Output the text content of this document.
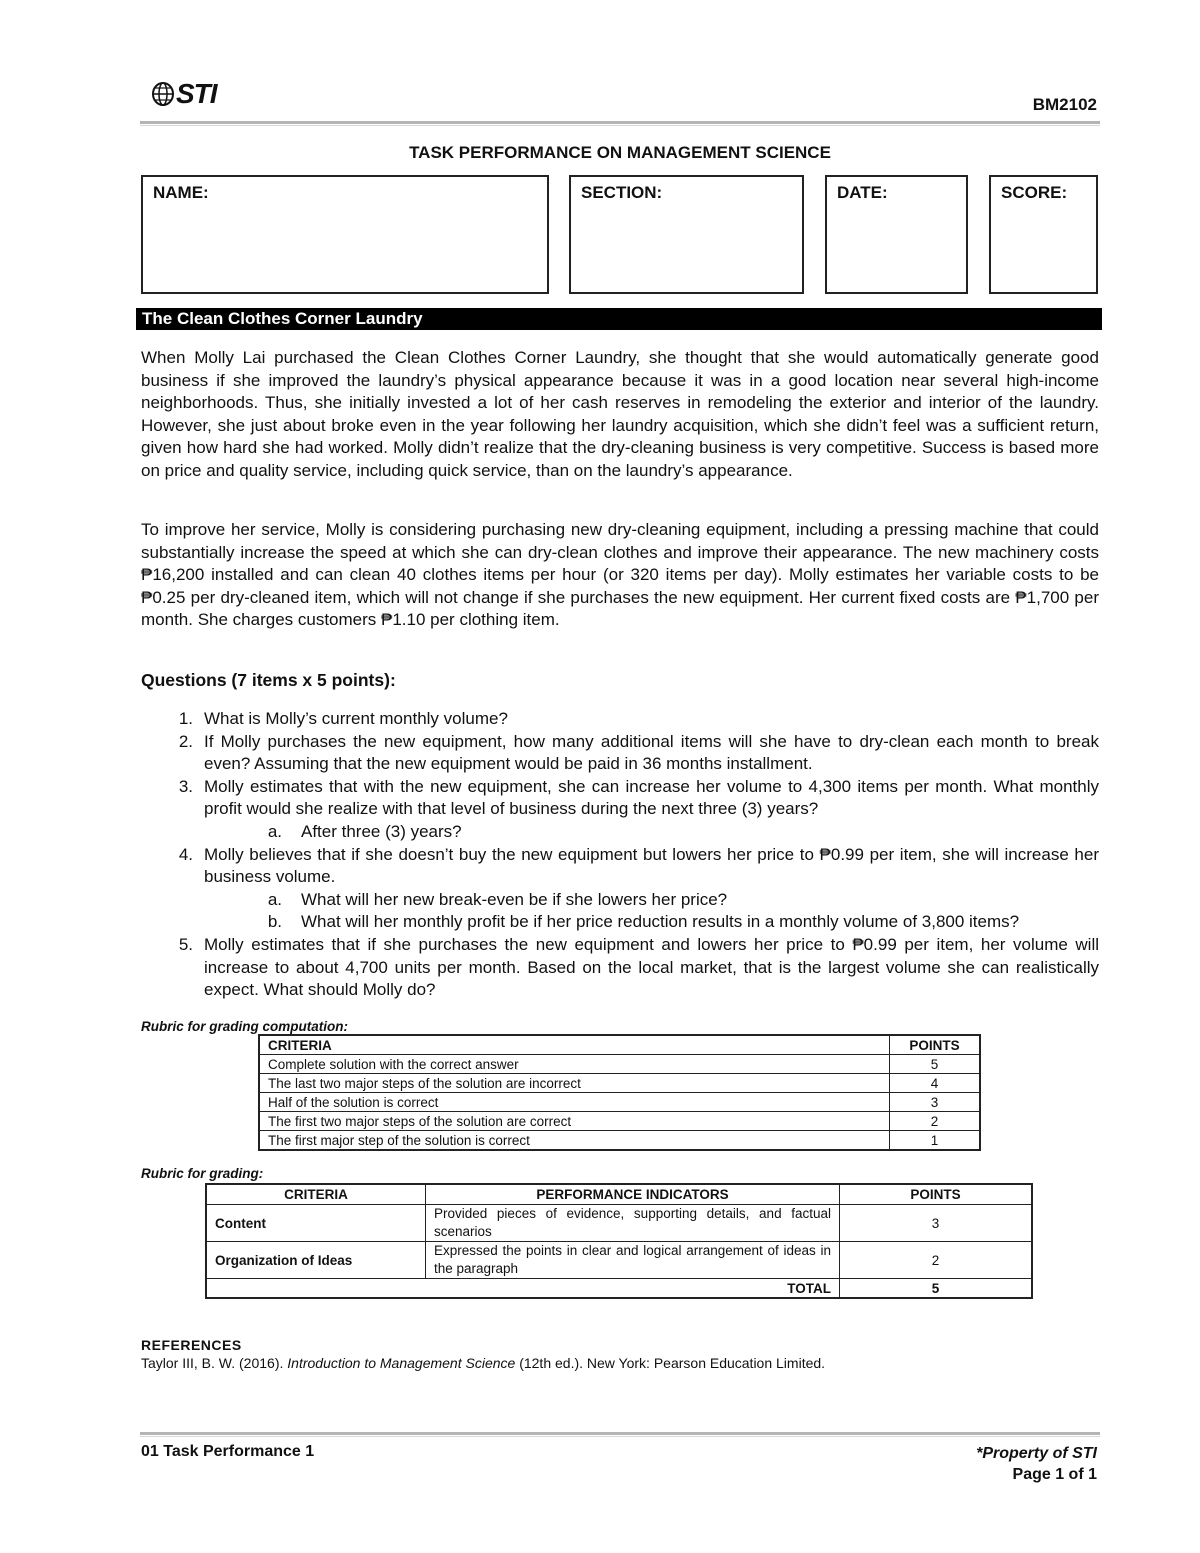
STI	BM2102
TASK PERFORMANCE ON MANAGEMENT SCIENCE
NAME:	SECTION:	DATE:	SCORE:
The Clean Clothes Corner Laundry
When Molly Lai purchased the Clean Clothes Corner Laundry, she thought that she would automatically generate good business if she improved the laundry’s physical appearance because it was in a good location near several high-income neighborhoods. Thus, she initially invested a lot of her cash reserves in remodeling the exterior and interior of the laundry. However, she just about broke even in the year following her laundry acquisition, which she didn’t feel was a sufficient return, given how hard she had worked. Molly didn’t realize that the dry-cleaning business is very competitive. Success is based more on price and quality service, including quick service, than on the laundry’s appearance.
To improve her service, Molly is considering purchasing new dry-cleaning equipment, including a pressing machine that could substantially increase the speed at which she can dry-clean clothes and improve their appearance. The new machinery costs ₱16,200 installed and can clean 40 clothes items per hour (or 320 items per day). Molly estimates her variable costs to be ₱0.25 per dry-cleaned item, which will not change if she purchases the new equipment. Her current fixed costs are ₱1,700 per month. She charges customers ₱1.10 per clothing item.
Questions (7 items x 5 points):
1. What is Molly’s current monthly volume?
2. If Molly purchases the new equipment, how many additional items will she have to dry-clean each month to break even? Assuming that the new equipment would be paid in 36 months installment.
3. Molly estimates that with the new equipment, she can increase her volume to 4,300 items per month. What monthly profit would she realize with that level of business during the next three (3) years?
a.	After three (3) years?
4. Molly believes that if she doesn’t buy the new equipment but lowers her price to ₱0.99 per item, she will increase her business volume.
a.	What will her new break-even be if she lowers her price?
b.	What will her monthly profit be if her price reduction results in a monthly volume of 3,800 items?
5. Molly estimates that if she purchases the new equipment and lowers her price to ₱0.99 per item, her volume will increase to about 4,700 units per month. Based on the local market, that is the largest volume she can realistically expect. What should Molly do?
Rubric for grading computation:
CRITERIA	POINTS
Complete solution with the correct answer	5
The last two major steps of the solution are incorrect	4
Half of the solution is correct	3
The first two major steps of the solution are correct	2
The first major step of the solution is correct	1
Rubric for grading:
CRITERIA	PERFORMANCE INDICATORS	POINTS
Content	Provided pieces of evidence, supporting details, and factual scenarios	3
Organization of Ideas	Expressed the points in clear and logical arrangement of ideas in the paragraph	2
TOTAL		5
REFERENCES
Taylor III, B. W. (2016). Introduction to Management Science (12th ed.). New York: Pearson Education Limited.
01 Task Performance 1	*Property of STI
Page 1 of 1
